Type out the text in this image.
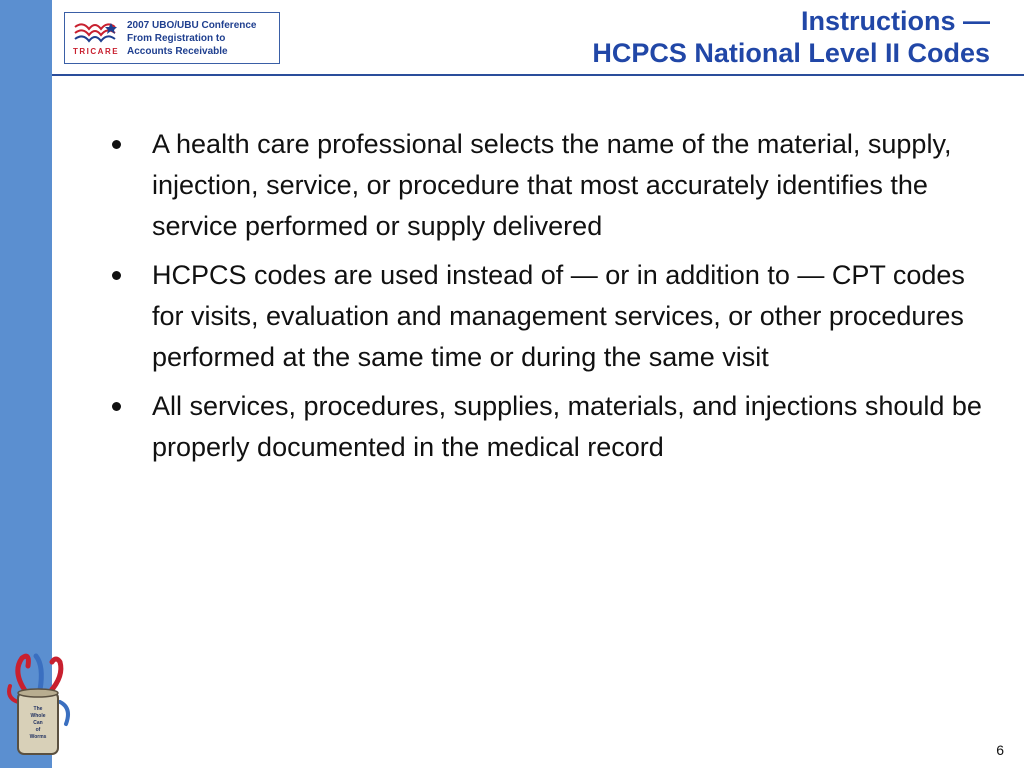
TRICARE
2007 UBO/UBU Conference
From Registration to
Accounts Receivable
Instructions —
HCPCS National Level II Codes
A health care professional selects the name of the material, supply, injection, service, or procedure that most accurately identifies the service performed or supply delivered
HCPCS codes are used instead of — or in addition to — CPT codes for visits, evaluation and management services, or other procedures performed at the same time or during the same visit
All services, procedures, supplies, materials, and injections should be properly documented in the medical record
The
Whole
Can
of
Worms
6
